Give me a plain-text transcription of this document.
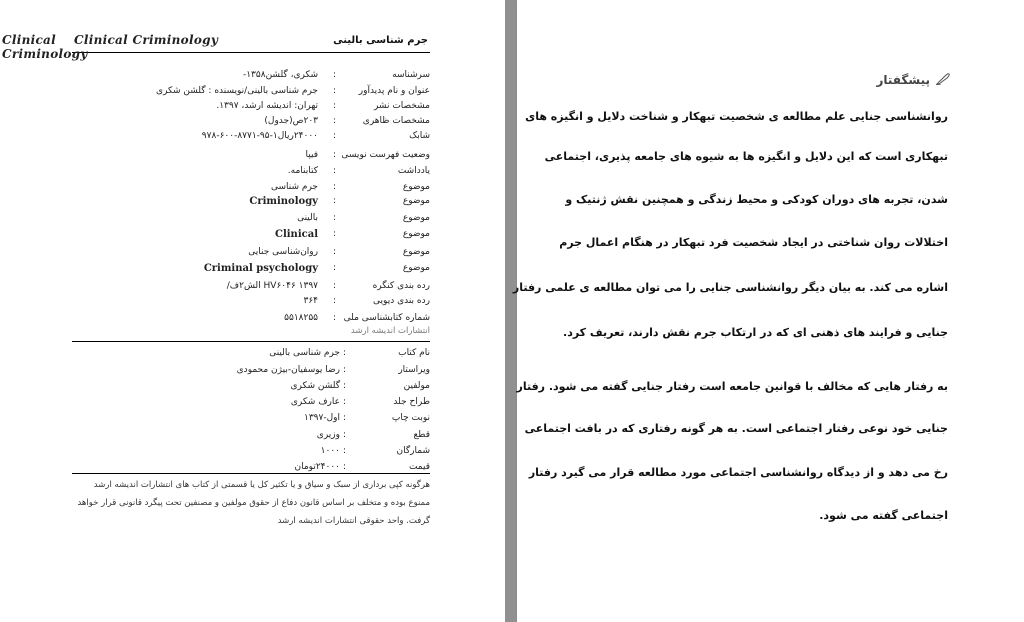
Clinical Criminology	جرم شناسی بالینی
شکری، گلشن۱۳۵۸- :	سرشناسه
جرم شناسی بالینی/نویسنده : گلشن شکری :	عنوان و نام پدیدآور
تهران: اندیشه ارشد، ۱۳۹۷. :	مشخصات نشر
۲۰۳ص(جدول) :	مشخصات ظاهری
۲۴۰۰۰ریال۱-۹۵-۸۷۷۱-۶۰۰-۹۷۸ :	شابک
فیپا : وضعیت فهرست نویسی
کتابنامه. :	یادداشت
جرم شناسی :	موضوع
Criminology :	موضوع
بالینی :	موضوع
Clinical :	موضوع
روان‌شناسی جنایی :	موضوع
Criminal psychology :	موضوع
۱۳۹۷ HV۶۰۴۶ الش۲ف/ :	رده بندی کنگره
۳۶۴ :	رده بندی دیویی
۵۵۱۸۲۵۵ : شماره کتابشناسی ملی
انتشارات اندیشه ارشد
جرم شناسی بالینی :	نام کتاب
رضا یوسفیان-بیژن محمودی :	ویراستار
گلشن شکری :	مولفین
عارف شکری :	طراح جلد
اول-۱۳۹۷ :	نوبت چاپ
وزیری :	قطع
۱۰۰۰ :	شمارگان
۲۴۰۰۰تومان :	قیمت
هرگونه کپی برداری از سبک و سیاق و یا تکثیر کل یا قسمتی از کتاب های انتشارات اندیشه ارشد
ممنوع بوده و متخلف بر اساس قانون دفاع از حقوق مولفین و مصنفین تحت پیگرد قانونی قرار خواهد
گرفت. واحد حقوقی انتشارات اندیشه ارشد
Clinical Criminology
پیشگفتار
روانشناسی جنایی علم مطالعه ی شخصیت تبهکار و شناخت دلایل و انگیزه های
تبهکاری است که این دلایل و انگیزه ها به شیوه های جامعه پذیری، اجتماعی
شدن، تجربه های دوران کودکی و محیط زندگی و همچنین نقش ژنتیک و
اختلالات روان شناختی در ایجاد شخصیت فرد تبهکار در هنگام اعمال جرم
اشاره می کند. به بیان دیگر روانشناسی جنایی را می توان مطالعه ی علمی رفتار
جنایی و فرایند های ذهنی ای که در ارتکاب جرم نقش دارند، تعریف کرد.
به رفتار هایی که مخالف با قوانین جامعه است رفتار جنایی گفته می شود. رفتار
جنایی خود نوعی رفتار اجتماعی است. به هر گونه رفتاری که در بافت اجتماعی
رخ می دهد و از دیدگاه روانشناسی اجتماعی مورد مطالعه قرار می گیرد رفتار
اجتماعی گفته می شود.
